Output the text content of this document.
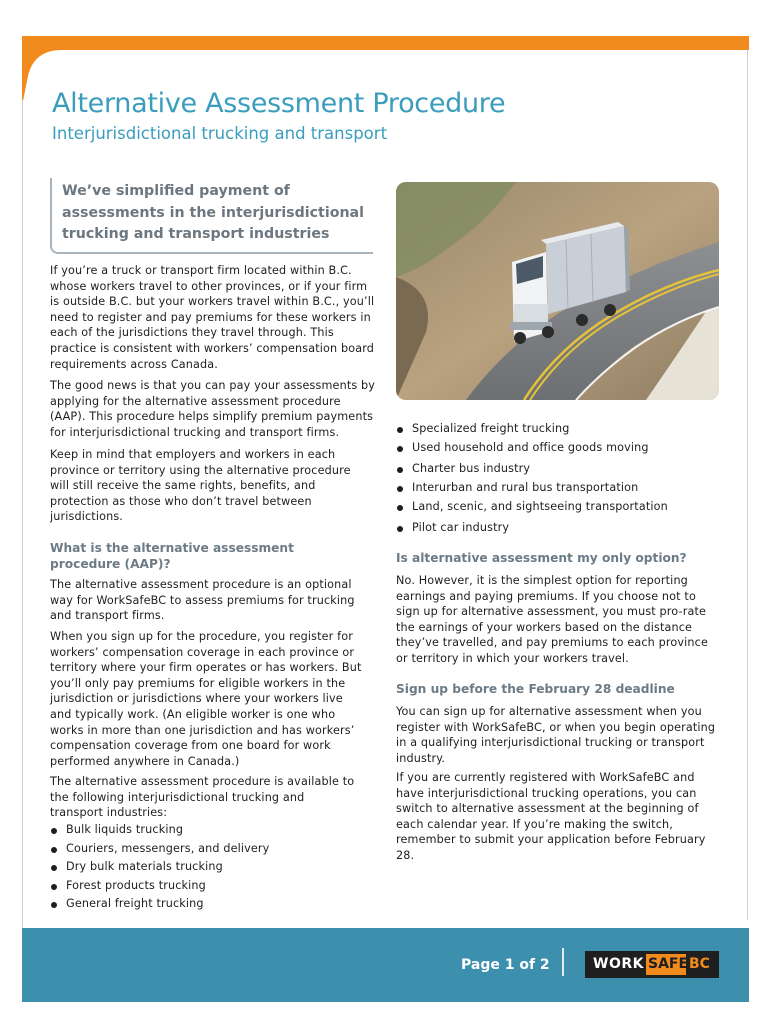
Alternative Assessment Procedure
Interjurisdictional trucking and transport
We’ve simplified payment of assessments in the interjurisdictional trucking and transport industries

If you’re a truck or transport firm located within B.C. whose workers travel to other provinces, or if your firm is outside B.C. but your workers travel within B.C., you’ll need to register and pay premiums for these workers in each of the jurisdictions they travel through. This practice is consistent with workers’ compensation board requirements across Canada.

The good news is that you can pay your assessments by applying for the alternative assessment procedure (AAP). This procedure helps simplify premium payments for interjurisdictional trucking and transport firms.

Keep in mind that employers and workers in each province or territory using the alternative procedure will still receive the same rights, benefits, and protection as those who don’t travel between jurisdictions.

What is the alternative assessment procedure (AAP)?

The alternative assessment procedure is an optional way for WorkSafeBC to assess premiums for trucking and transport firms.

When you sign up for the procedure, you register for workers’ compensation coverage in each province or territory where your firm operates or has workers. But you’ll only pay premiums for eligible workers in the jurisdiction or jurisdictions where your workers live and typically work. (An eligible worker is one who works in more than one jurisdiction and has workers’ compensation coverage from one board for work performed anywhere in Canada.)

The alternative assessment procedure is available to the following interjurisdictional trucking and transport industries:

Bulk liquids trucking
Couriers, messengers, and delivery
Dry bulk materials trucking
Forest products trucking
General freight trucking
Specialized freight trucking
Used household and office goods moving
Charter bus industry
Interurban and rural bus transportation
Land, scenic, and sightseeing transportation
Pilot car industry
Is alternative assessment my only option?

No. However, it is the simplest option for reporting earnings and paying premiums. If you choose not to sign up for alternative assessment, you must pro-rate the earnings of your workers based on the distance they’ve travelled, and pay premiums to each province or territory in which your workers travel.

Sign up before the February 28 deadline

You can sign up for alternative assessment when you register with WorkSafeBC, or when you begin operating in a qualifying interjurisdictional trucking or transport industry.

If you are currently registered with WorkSafeBC and have interjurisdictional trucking operations, you can switch to alternative assessment at the beginning of each calendar year. If you’re making the switch, remember to submit your application before February 28.

Page 1 of 2	WORK SAFE BC
